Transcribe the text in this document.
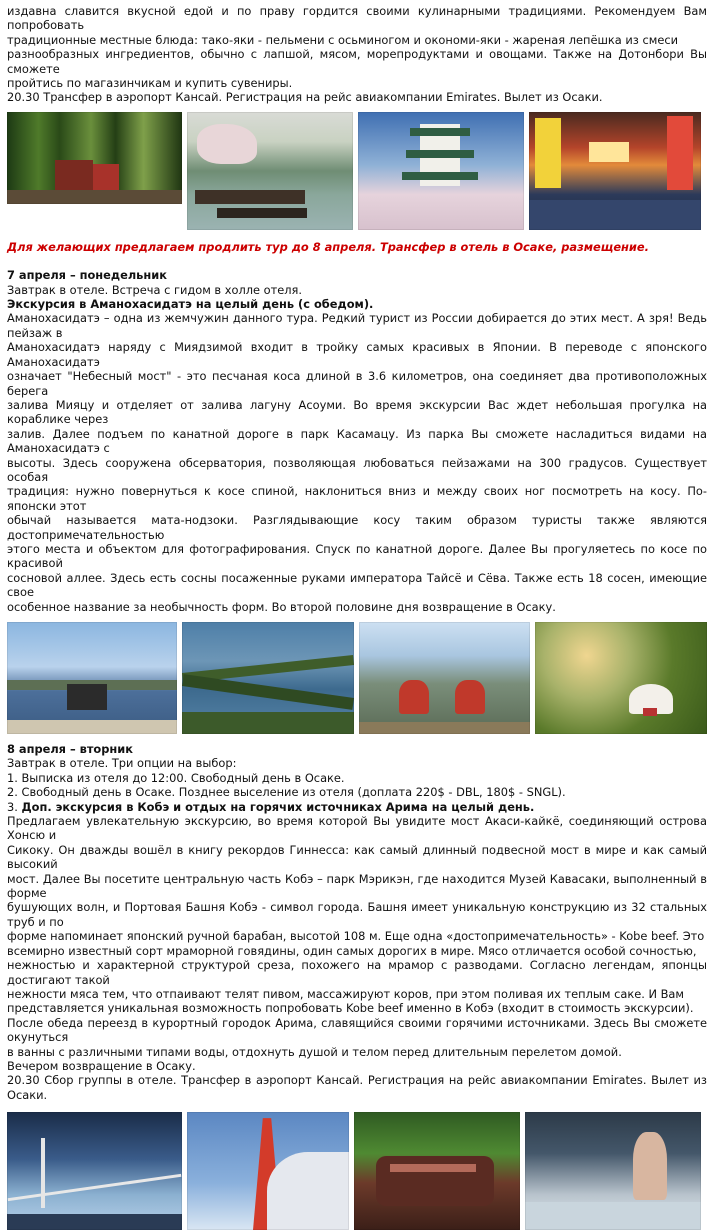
издавна славится вкусной едой и по праву гордится своими кулинарными традициями. Рекомендуем Вам попробовать
традиционные местные блюда: тако-яки - пельмени с осьминогом и окономи-яки - жареная лепёшка из смеси
разнообразных ингредиентов, обычно с лапшой, мясом, морепродуктами и овощами. Также на Дотонбори Вы сможете
пройтись по магазинчикам и купить сувениры.
20.30 Трансфер в аэропорт Кансай. Регистрация на рейс авиакомпании Emirates. Вылет из Осаки.
Для желающих предлагаем продлить тур до 8 апреля. Трансфер в отель в Осаке, размещение.
7 апреля – понедельник
Завтрак в отеле. Встреча с гидом в холле отеля.
Экскурсия в Аманохасидатэ на целый день (с обедом).
Аманохасидатэ – одна из жемчужин данного тура. Редкий турист из России добирается до этих мест. А зря! Ведь пейзаж в
Аманохасидатэ наряду с Миядзимой входит в тройку самых красивых в Японии. В переводе с японского Аманохасидатэ
означает "Небесный мост" - это песчаная коса длиной в 3.6 километров, она соединяет два противоположных берега
залива Мияцу и отделяет от залива лагуну Асоуми. Во время экскурсии Вас ждет небольшая прогулка на кораблике через
залив. Далее подъем по канатной дороге в парк Касамацу. Из парка Вы сможете насладиться видами на Аманохасидатэ с
высоты. Здесь сооружена обсерватория, позволяющая любоваться пейзажами на 300 градусов. Существует особая
традиция: нужно повернуться к косе спиной, наклониться вниз и между своих ног посмотреть на косу. По-японски этот
обычай называется мата-нодзоки. Разглядывающие косу таким образом туристы также являются достопримечательностью
этого места и объектом для фотографирования. Спуск по канатной дороге. Далее Вы прогуляетесь по косе по красивой
сосновой аллее. Здесь есть сосны посаженные руками императора Тайсё и Сёва. Также есть 18 сосен, имеющие свое
особенное название за необычность форм. Во второй половине дня возвращение в Осаку.
8 апреля – вторник
Завтрак в отеле. Три опции на выбор:
1. Выписка из отеля до 12:00. Свободный день в Осаке.
2. Свободный день в Осаке. Позднее выселение из отеля (доплата 220$ - DBL, 180$ - SNGL).
3. Доп. экскурсия в Кобэ и отдых на горячих источниках Арима на целый день.
Предлагаем увлекательную экскурсию, во время которой Вы увидите мост Акаси-кайкё, соединяющий острова Хонсю и
Сикоку. Он дважды вошёл в книгу рекордов Гиннесса: как самый длинный подвесной мост в мире и как самый высокий
мост. Далее Вы посетите центральную часть Кобэ – парк Мэрикэн, где находится Музей Кавасаки, выполненный в форме
бушующих волн, и Портовая Башня Кобэ - символ города. Башня имеет уникальную конструкцию из 32 стальных труб и по
форме напоминает японский ручной барабан, высотой 108 м. Еще одна «достопримечательность» - Kobe beef. Это
всемирно известный сорт мраморной говядины, один самых дорогих в мире. Мясо отличается особой сочностью,
нежностью и характерной структурой среза, похожего на мрамор с разводами. Согласно легендам, японцы достигают такой
нежности мяса тем, что отпаивают телят пивом, массажируют коров, при этом поливая их теплым саке. И Вам
представляется уникальная возможность попробовать Kobe beef именно в Кобэ (входит в стоимость экскурсии).
После обеда переезд в курортный городок Арима, славящийся своими горячими источниками. Здесь Вы сможете окунуться
в ванны с различными типами воды, отдохнуть душой и телом перед длительным перелетом домой.
Вечером возвращение в Осаку.
20.30 Сбор группы в отеле. Трансфер в аэропорт Кансай. Регистрация на рейс авиакомпании Emirates. Вылет из Осаки.
